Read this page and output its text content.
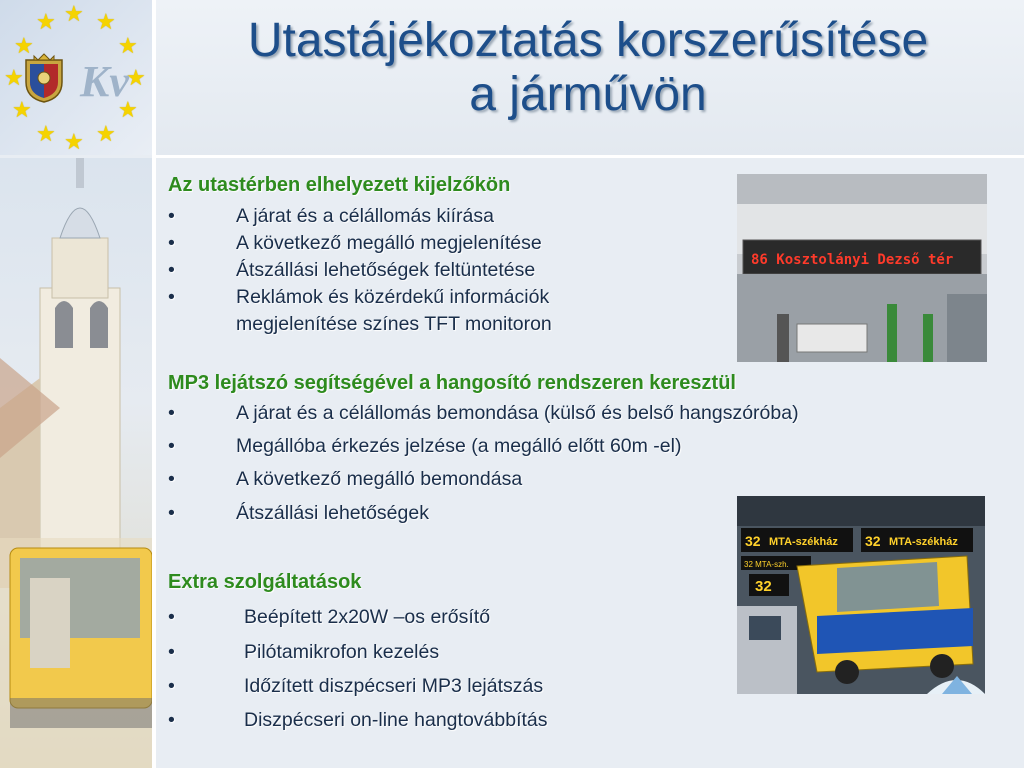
★ ★
★
★
★
★
★
★
★
★
★ ★
Kv
Utastájékoztatás korszerűsítése
a járművön
Az utastérben elhelyezett kijelzőkön
•	A járat és a célállomás kiírása
•	A következő megálló megjelenítése
•	Átszállási lehetőségek feltüntetése
•	Reklámok és közérdekű információk
megjelenítése színes TFT monitoron
MP3 lejátszó segítségével a hangosító rendszeren keresztül
•	A járat és a célállomás bemondása (külső és belső hangszóróba)
•	Megállóba érkezés jelzése (a megálló előtt 60m -el)
•	A következő megálló bemondása
•	Átszállási lehetőségek
Extra szolgáltatások
•	Beépített 2x20W –os erősítő
•	Pilótamikrofon kezelés
•	Időzített diszpécseri MP3 lejátszás
•	Diszpécseri on-line hangtovábbítás
86 Kosztolányi Dezső tér
32 MTA-székház 32 MTA-székház
32 MTA-szh.
32
